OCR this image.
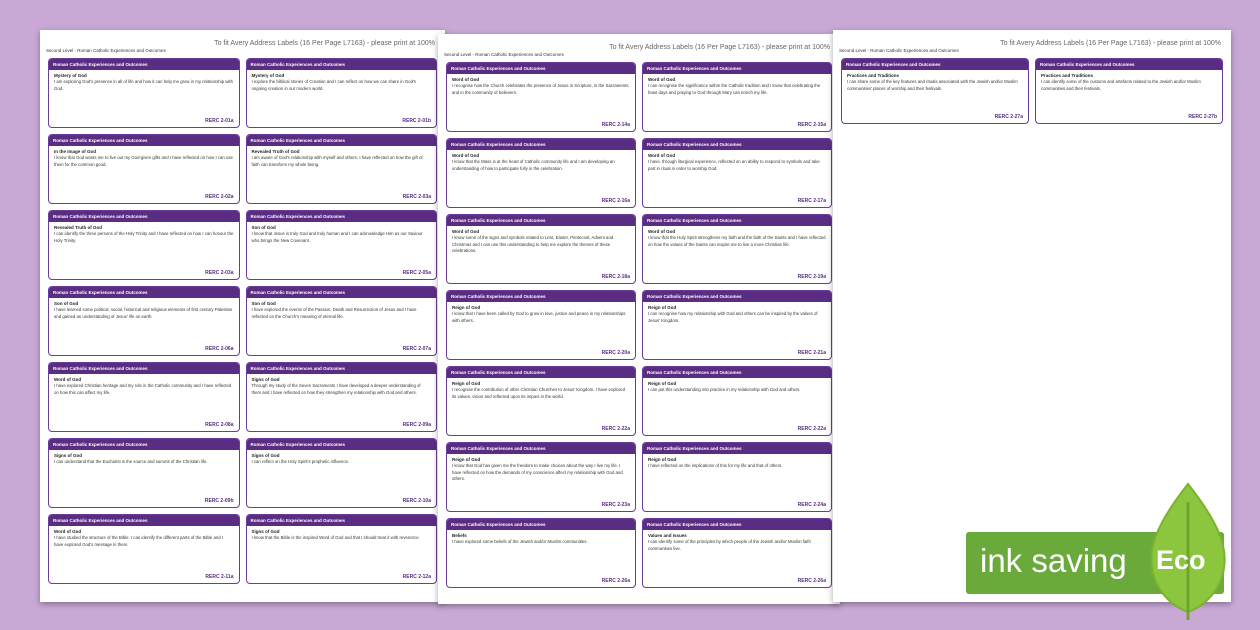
To fit Avery Address Labels (16 Per Page L7163) - please print at 100%
Second Level - Roman Catholic Experiences and Outcomes
Roman Catholic Experiences and Outcomes
Mystery of God
I am exploring God's presence in all of life and how it can help me grow in my relationship with God.
RERC 2-01a
Roman Catholic Experiences and Outcomes
Mystery of God
I explore the biblical stories of Creation and I can reflect on how we can share in God's ongoing creation in our modern world.
RERC 2-01b
Roman Catholic Experiences and Outcomes
In the Image of God
I know that God wants me to live out my God-given gifts and I have reflected on how I can use them for the common good.
RERC 2-02a
Roman Catholic Experiences and Outcomes
Revealed Truth of God
I am aware of God's relationship with myself and others. I have reflected on how the gift of faith can transform my whole being.
RERC 2-03a
Roman Catholic Experiences and Outcomes
Revealed Truth of God
I can identify the three persons of the Holy Trinity and I have reflected on how I can honour the Holy Trinity.
RERC 2-03a
Roman Catholic Experiences and Outcomes
Son of God
I know that Jesus is truly God and truly human and I can acknowledge Him as our Saviour who brings the New Covenant.
RERC 2-05a
Roman Catholic Experiences and Outcomes
Son of God
I have learned some political, social, historical and religious elements of first century Palestine and gained an understanding of Jesus' life on earth.
RERC 2-06a
Roman Catholic Experiences and Outcomes
Son of God
I have explored the events of the Passion, Death and Resurrection of Jesus and I have reflected on the Church's meaning of eternal life.
RERC 2-07a
Roman Catholic Experiences and Outcomes
Word of God
I have explored Christian heritage and my role in the Catholic community and I have reflected on how this can affect my life.
RERC 2-08a
Roman Catholic Experiences and Outcomes
Signs of God
Through my study of the Seven Sacraments I have developed a deeper understanding of them and I have reflected on how they strengthen my relationship with God and others.
RERC 2-09a
Roman Catholic Experiences and Outcomes
Signs of God
I can understand that the Eucharist is the source and summit of the Christian life.
RERC 2-09b
Roman Catholic Experiences and Outcomes
Signs of God
I can reflect on the Holy Spirit's prophetic influence.
RERC 2-10a
Roman Catholic Experiences and Outcomes
Word of God
I have studied the structure of the Bible. I can identify the different parts of the Bible and I have explored God's message in them.
RERC 2-11a
Roman Catholic Experiences and Outcomes
Signs of God
I know that the Bible is the inspired Word of God and that I should treat it with reverence.
RERC 2-12a
To fit Avery Address Labels (16 Per Page L7163) - please print at 100%
Second Level - Roman Catholic Experiences and Outcomes
Roman Catholic Experiences and Outcomes
Word of God
I recognise how the Church celebrates the presence of Jesus in Scripture, in the Sacraments and in the community of believers.
RERC 2-14a
Roman Catholic Experiences and Outcomes
Word of God
I can recognise the significance within the Catholic tradition and I know that celebrating the feast days and praying to God through Mary can enrich my life.
RERC 2-15a
Roman Catholic Experiences and Outcomes
Word of God
I know that the Mass is at the heart of Catholic community life and I am developing an understanding of how to participate fully in the celebration.
RERC 2-16a
Roman Catholic Experiences and Outcomes
Word of God
I have, through liturgical experience, reflected on an ability to respond to symbols and take part in ritual in order to worship God.
RERC 2-17a
Roman Catholic Experiences and Outcomes
Word of God
I know some of the signs and symbols related to Lent, Easter, Pentecost, Advent and Christmas and I can use this understanding to help me explore the themes of these celebrations.
RERC 2-18a
Roman Catholic Experiences and Outcomes
Word of God
I know that the Holy Spirit strengthens my faith and the faith of the Saints and I have reflected on how the values of the Saints can inspire me to live a more Christian life.
RERC 2-19a
Roman Catholic Experiences and Outcomes
Reign of God
I know that I have been called by God to grow in love, justice and peace in my relationships with others.
RERC 2-20a
Roman Catholic Experiences and Outcomes
Reign of God
I can recognise how my relationship with God and others can be inspired by the values of Jesus' Kingdom.
RERC 2-21a
Roman Catholic Experiences and Outcomes
Reign of God
I recognise the contribution of other Christian Churches to Jesus' Kingdom. I have explored its values, vision and reflected upon its impact in the world.
RERC 2-22a
Roman Catholic Experiences and Outcomes
Reign of God
I can put this understanding into practice in my relationship with God and others.
RERC 2-22a
Roman Catholic Experiences and Outcomes
Reign of God
I know that God has given me the freedom to make choices about the way I live my life. I have reflected on how the demands of my conscience affect my relationship with God and others.
RERC 2-23a
Roman Catholic Experiences and Outcomes
Reign of God
I have reflected on the implications of this for my life and that of others.
RERC 2-24a
Roman Catholic Experiences and Outcomes
Beliefs
I have explored some beliefs of the Jewish and/or Muslim communities.
RERC 2-26a
Roman Catholic Experiences and Outcomes
Values and Issues
I can identify some of the principles by which people of the Jewish and/or Muslim faith communities live.
RERC 2-26a
To fit Avery Address Labels (16 Per Page L7163) - please print at 100%
Second Level - Roman Catholic Experiences and Outcomes
Roman Catholic Experiences and Outcomes
Practices and Traditions
I can share some of the key features and rituals associated with the Jewish and/or Muslim communities' places of worship and their festivals.
RERC 2-27a
Roman Catholic Experiences and Outcomes
Practices and Traditions
I can identify some of the customs and artefacts related to the Jewish and/or Muslim communities and their festivals.
RERC 2-27b
ink saving Eco
